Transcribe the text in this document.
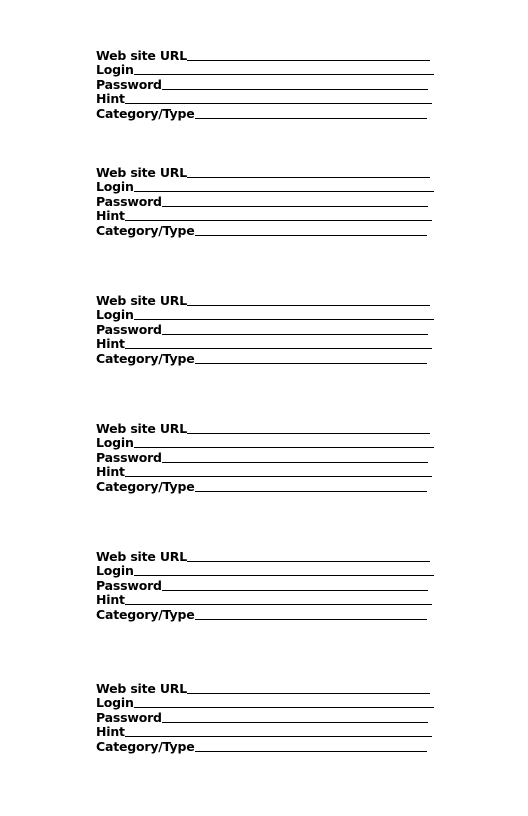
Web site URL
Login
Password
Hint
Category/Type
Web site URL
Login
Password
Hint
Category/Type
Web site URL
Login
Password
Hint
Category/Type
Web site URL
Login
Password
Hint
Category/Type
Web site URL
Login
Password
Hint
Category/Type
Web site URL
Login
Password
Hint
Category/Type
